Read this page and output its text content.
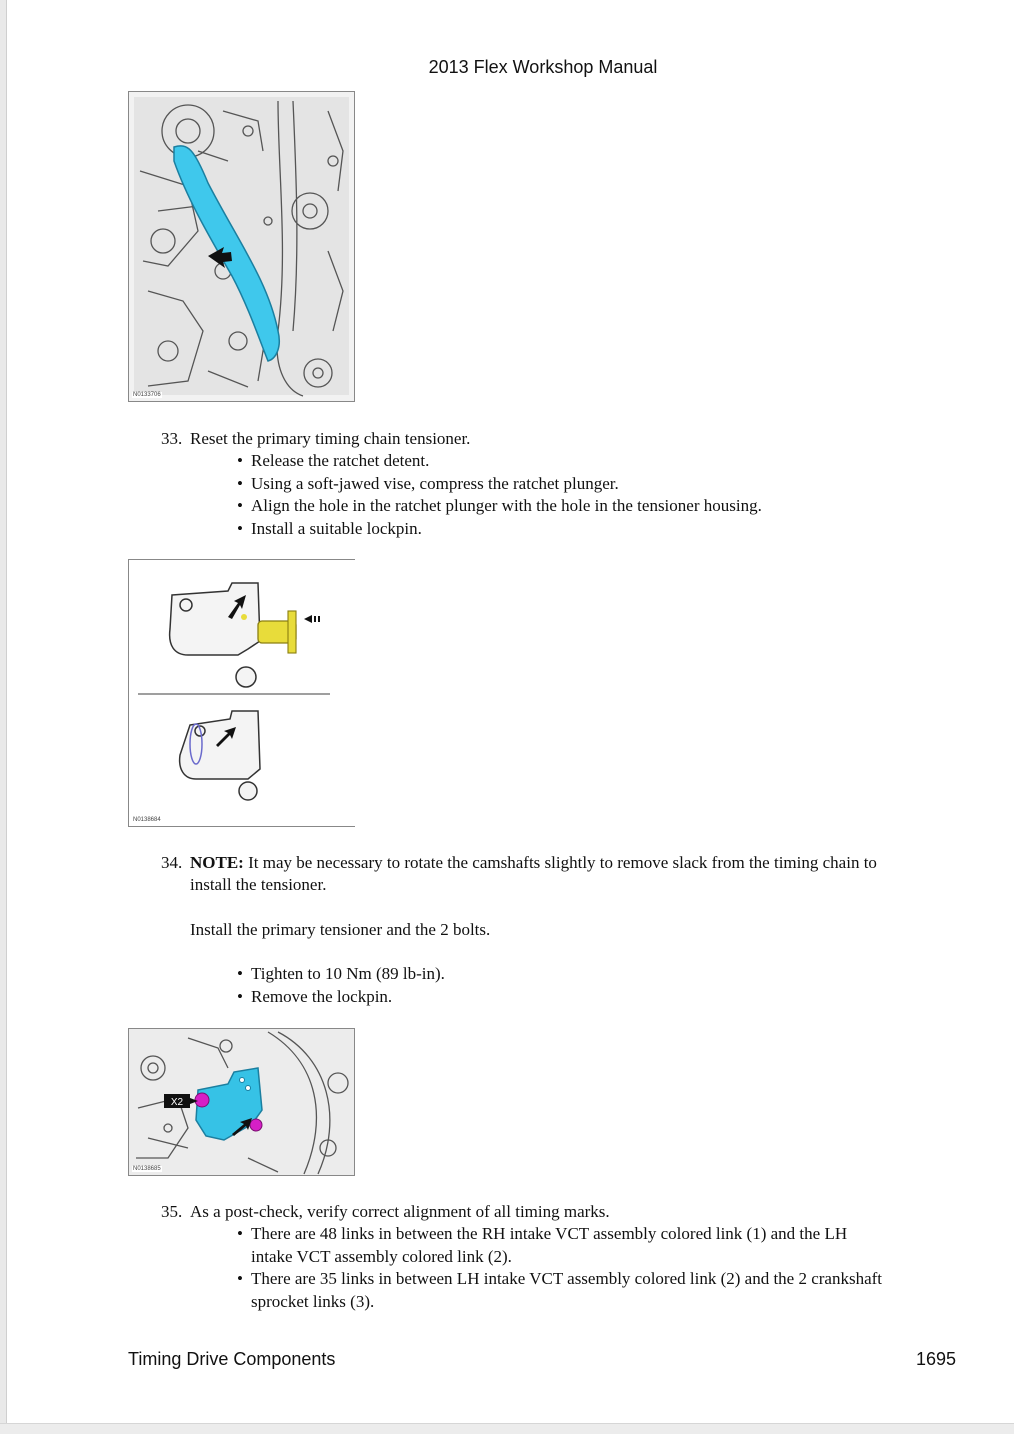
2013 Flex Workshop Manual
N0133706
33. Reset the primary timing chain tensioner.
• Release the ratchet detent.
• Using a soft-jawed vise, compress the ratchet plunger.
• Align the hole in the ratchet plunger with the hole in the tensioner housing.
• Install a suitable lockpin.
N0138684
34. NOTE: It may be necessary to rotate the camshafts slightly to remove slack from the timing chain to
install the tensioner.
Install the primary tensioner and the 2 bolts.
• Tighten to 10 Nm (89 lb-in).
• Remove the lockpin.
X2
N0138685
35. As a post-check, verify correct alignment of all timing marks.
• There are 48 links in between the RH intake VCT assembly colored link (1) and the LH
intake VCT assembly colored link (2).
• There are 35 links in between LH intake VCT assembly colored link (2) and the 2 crankshaft
sprocket links (3).
Timing Drive Components	1695
